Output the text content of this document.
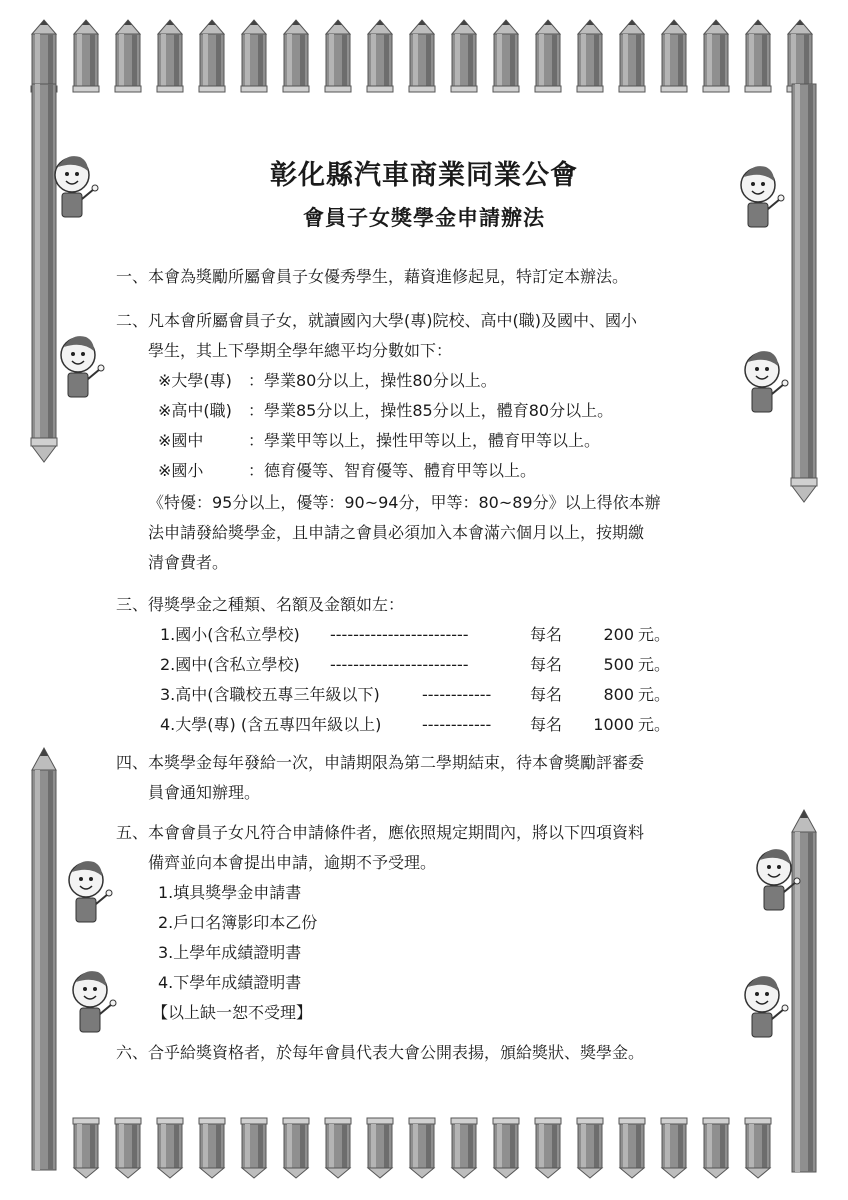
彰化縣汽車商業同業公會
會員子女獎學金申請辦法
一、 本會為獎勵所屬會員子女優秀學生，藉資進修起見，特訂定本辦法。
二、 凡本會所屬會員子女，就讀國內大學(專)院校、高中(職)及國中、國小
學生，其上下學期全學年總平均分數如下：
※大學(專) ：學業80分以上，操性80分以上。
※高中(職) ：學業85分以上，操性85分以上，體育80分以上。
※國中	：學業甲等以上，操性甲等以上，體育甲等以上。
※國小	：德育優等、智育優等、體育甲等以上。
《特優：95分以上，優等：90~94分，甲等：80~89分》以上得依本辦
法申請發給獎學金，且申請之會員必須加入本會滿六個月以上，按期繳
清會費者。
三、 得獎學金之種類、名額及金額如左：
1.國小(含私立學校) ------------------------	每名	200 元。
2.國中(含私立學校) ------------------------	每名	500 元。
3.高中(含職校五專三年級以下)	------------ 每名	800 元。
4.大學(專) (含五專四年級以上)	------------ 每名	1000 元。
四、 本獎學金每年發給一次，申請期限為第二學期結束，待本會獎勵評審委
員會通知辦理。
五、 本會會員子女凡符合申請條件者，應依照規定期間內，將以下四項資料
備齊並向本會提出申請，逾期不予受理。
1.填具獎學金申請書
2.戶口名簿影印本乙份
3.上學年成績證明書
4.下學年成績證明書
【以上缺一恕不受理】
六、 合乎給獎資格者，於每年會員代表大會公開表揚，頒給獎狀、獎學金。
